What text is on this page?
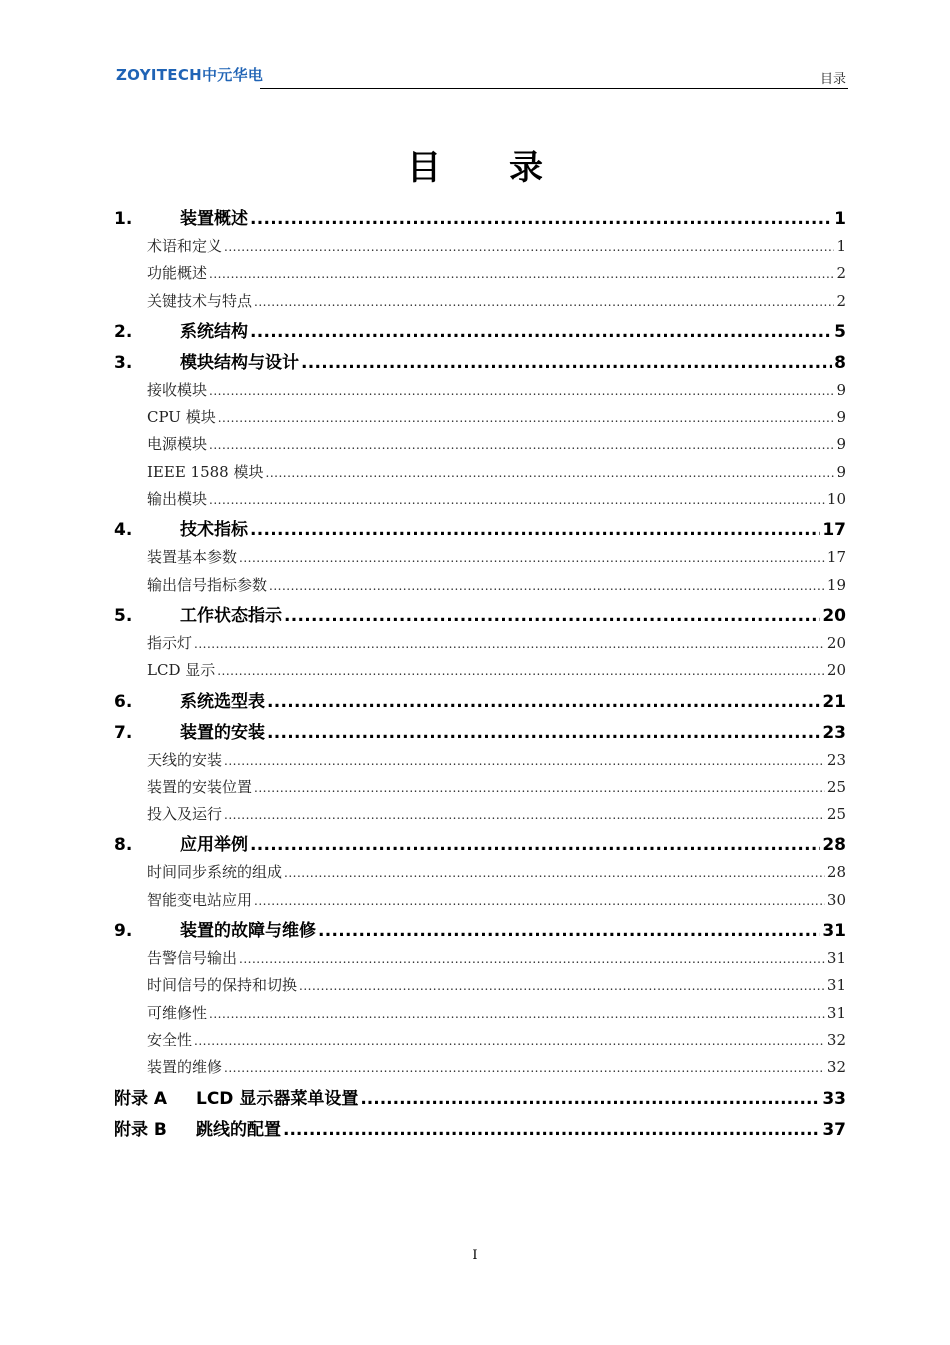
ZOYITECH中元华电	目录
目 录
1.	装置概述 .....	1
术语和定义 .....	1
功能概述 .....	2
关键技术与特点 .....	2
2.	系统结构 .....	5
3.	模块结构与设计 .....	8
接收模块 .....	9
CPU 模块 .....	9
电源模块 .....	9
IEEE 1588 模块 .....	9
输出模块 .....	10
4.	技术指标 .....	17
装置基本参数 .....	17
输出信号指标参数 .....	19
5.	工作状态指示 .....	20
指示灯 .....	20
LCD 显示 .....	20
6.	系统选型表 .....	21
7.	装置的安装 .....	23
天线的安装 .....	23
装置的安装位置 .....	25
投入及运行 .....	25
8.	应用举例 .....	28
时间同步系统的组成 .....	28
智能变电站应用 .....	30
9.	装置的故障与维修 .....	31
告警信号输出 .....	31
时间信号的保持和切换 .....	31
可维修性 .....	31
安全性 .....	32
装置的维修 .....	32
附录 A	LCD 显示器菜单设置 .....	33
附录 B	跳线的配置 .....	37
I
